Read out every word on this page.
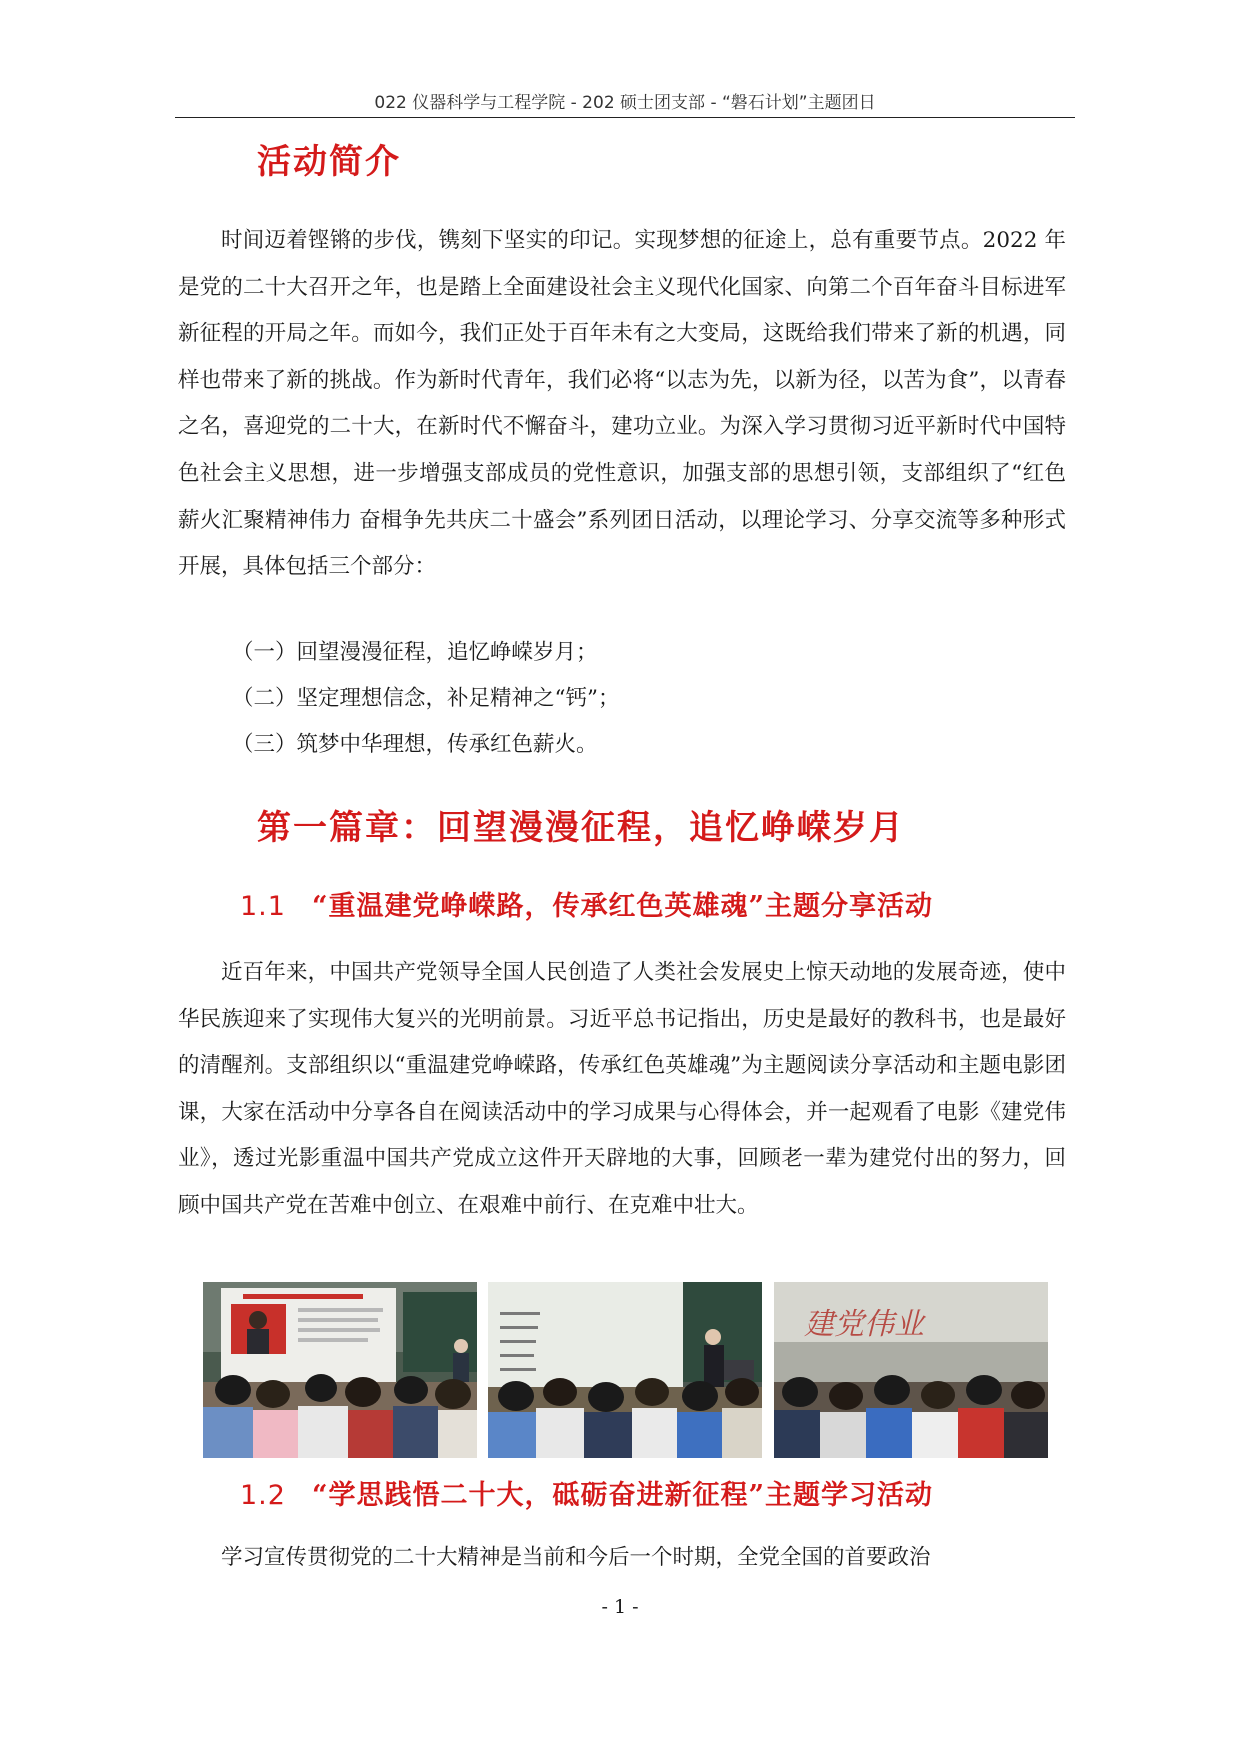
022 仪器科学与工程学院 - 202 硕士团支部 - “磐石计划”主题团日
活动简介

时间迈着铿锵的步伐，镌刻下坚实的印记。实现梦想的征途上，总有重要节点。2022 年是党的二十大召开之年，也是踏上全面建设社会主义现代化国家、向第二个百年奋斗目标进军新征程的开局之年。而如今，我们正处于百年未有之大变局，这既给我们带来了新的机遇，同样也带来了新的挑战。作为新时代青年，我们必将“以志为先，以新为径，以苦为食”，以青春之名，喜迎党的二十大，在新时代不懈奋斗，建功立业。为深入学习贯彻习近平新时代中国特色社会主义思想，进一步增强支部成员的党性意识，加强支部的思想引领，支部组织了“红色薪火汇聚精神伟力 奋楫争先共庆二十盛会”系列团日活动，以理论学习、分享交流等多种形式开展，具体包括三个部分：

（一）回望漫漫征程，追忆峥嵘岁月；
（二）坚定理想信念，补足精神之“钙”；
（三）筑梦中华理想，传承红色薪火。
第一篇章：回望漫漫征程，追忆峥嵘岁月
1.1 “重温建党峥嵘路，传承红色英雄魂”主题分享活动

近百年来，中国共产党领导全国人民创造了人类社会发展史上惊天动地的发展奇迹，使中华民族迎来了实现伟大复兴的光明前景。习近平总书记指出，历史是最好的教科书，也是最好的清醒剂。支部组织以“重温建党峥嵘路，传承红色英雄魂”为主题阅读分享活动和主题电影团课，大家在活动中分享各自在阅读活动中的学习成果与心得体会，并一起观看了电影《建党伟业》，透过光影重温中国共产党成立这件开天辟地的大事，回顾老一辈为建党付出的努力，回顾中国共产党在苦难中创立、在艰难中前行、在克难中壮大。

建党伟业
1.2 “学思践悟二十大，砥砺奋进新征程”主题学习活动

学习宣传贯彻党的二十大精神是当前和今后一个时期，全党全国的首要政治

- 1 -
